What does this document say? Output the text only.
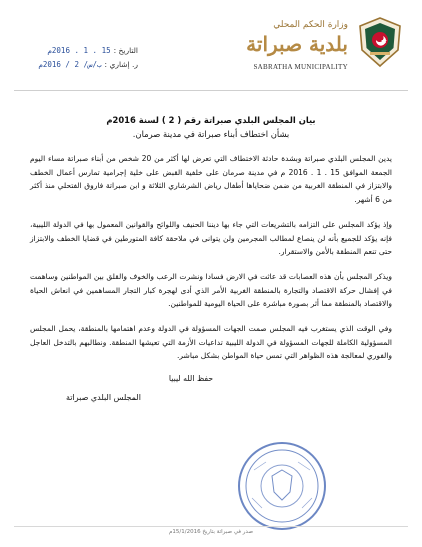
التاريخ :
15 . 1 . 2016م
ر. إشاري :
ب/س/ 2 / 2016م
وزارة الحكم المحلي
بلدية صبراتة
SABRATHA MUNICIPALITY
بيان المجلس البلدي صبراتة رقم ( 2 ) لسنة 2016م
بشأن اختطاف أبناء صبراتة في مدينة صرمان.

يدين المجلس البلدي صبراتة وبشدة حادثة الاختطاف التي تعرض لها أكثر من 20 شخص من أبناء صبراتة مساء اليوم الجمعة الموافق 15 . 1 . 2016 م في مدينة صرمان على خلفية القبض على خلية إجرامية تمارس أعمال الخطف والابتزاز في المنطقة الغربية من ضمن ضحاياها أطفال رياض الشرشاري الثلاثة و ابن صبراتة فاروق الفتحلي منذ أكثر من 6 أشهر.

وإذ يؤكد المجلس على التزامه بالتشريعات التي جاء بها ديننا الحنيف واللوائح والقوانين المعمول بها في الدولة الليبية، فإنه يؤكد للجميع بأنه لن ينصاع لمطالب المجرمين ولن يتوانى في ملاحقة كافة المتورطين في قضايا الخطف والابتزاز حتى تنعم المنطقة بالأمن والاستقرار.

ويذكر المجلس بأن هذه العصابات قد عاثت في الارض فسادا ونشرت الرعب والخوف والقلق بين المواطنين وساهمت في إفشال حركة الاقتصاد والتجارة بالمنطقة الغربية الأمر الذي أدى لهجرة كبار التجار المساهمين في انعاش الحياة والاقتصاد بالمنطقة مما أثر بصورة مباشرة على الحياة اليومية للمواطنين.

وفي الوقت الذي يستغرب فيه المجلس صمت الجهات المسؤولة في الدولة وعدم اهتمامها بالمنطقة، يحمل المجلس المسؤولية الكاملة للجهات المسؤولة في الدولة الليبية تداعيات الأزمة التي تعيشها المنطقة. ونطالبهم بالتدخل العاجل والفوري لمعالجة هذه الظواهر التي تمس حياة المواطن بشكل مباشر.

حفظ الله ليبيا
المجلس البلدي صبراتة
صدر في صبراتة بتاريخ 15/1/2016م
